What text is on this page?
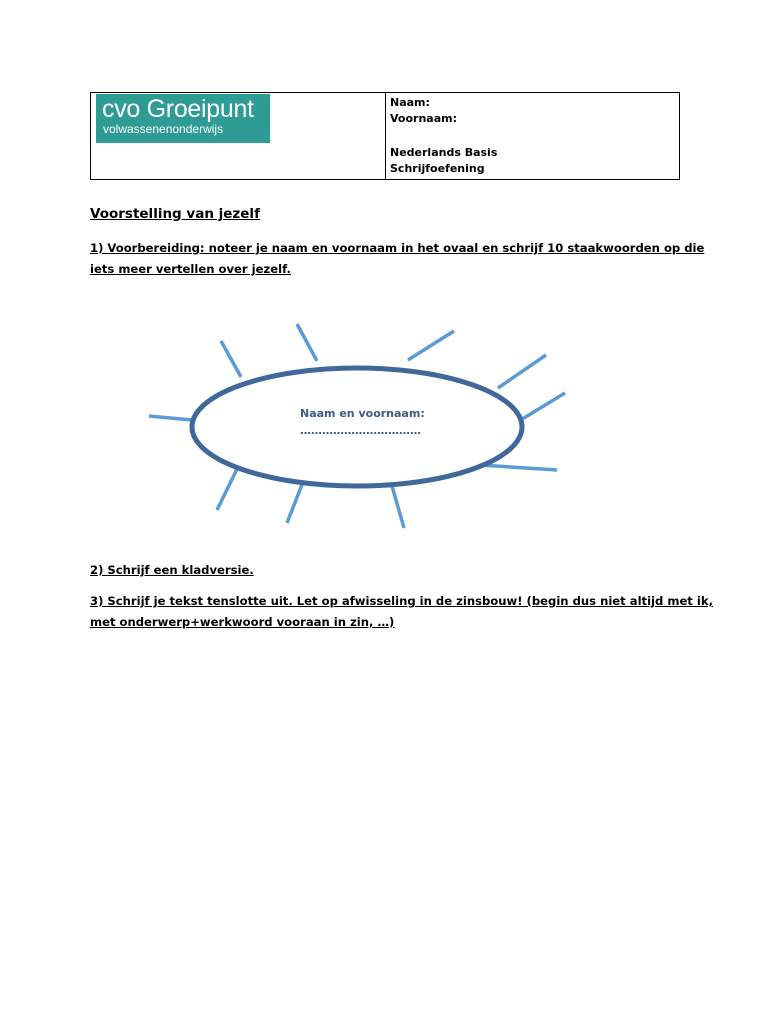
cvo Groeipunt
volwassenenonderwijs
Naam:
Voornaam:
Nederlands Basis
Schrijfoefening
Voorstelling van jezelf
1) Voorbereiding: noteer je naam en voornaam in het ovaal en schrijf 10 staakwoorden op die
iets meer vertellen over jezelf.
Naam en voornaam:
……………………………
2) Schrijf een kladversie.
3) Schrijf je tekst tenslotte uit. Let op afwisseling in de zinsbouw! (begin dus niet altijd met ik,
met onderwerp+werkwoord vooraan in zin, …)
